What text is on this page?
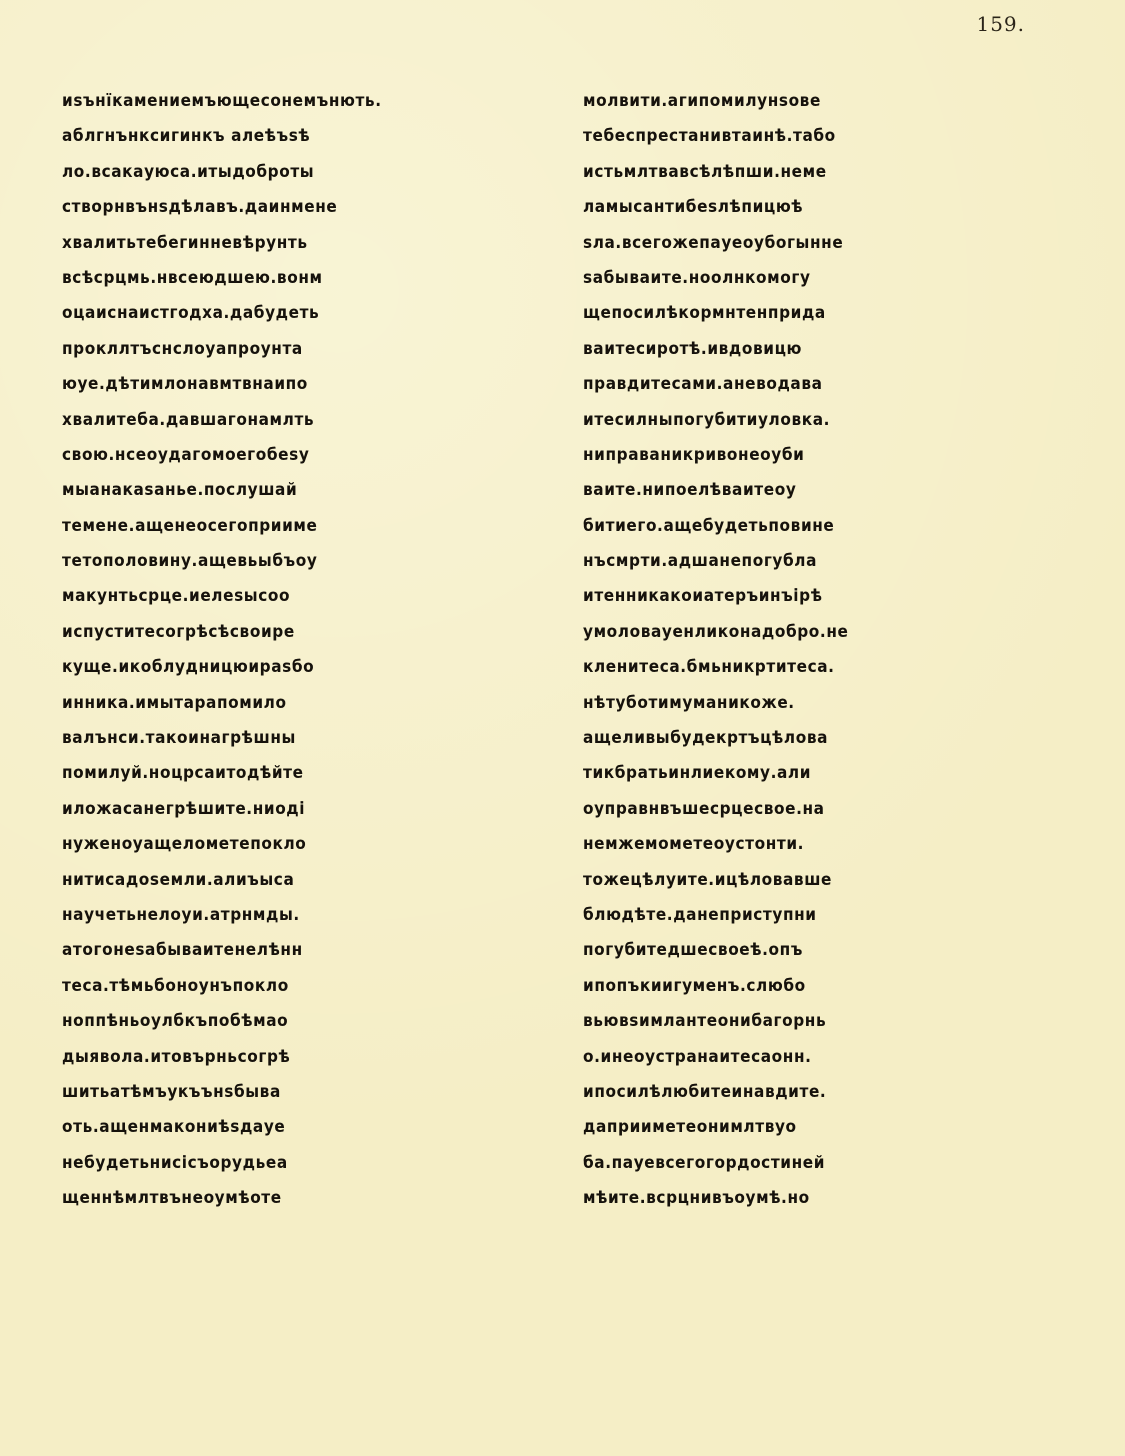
159.
иѕънїкамениемъющесонемънють.
аблгнънксигинкъ алеѣъѕѣ
ло.всакауюса.итыдоброты
створнвънѕдѣлавъ.даинмене
хвалитьтебегинневѣрунть
всѣсрцмь.нвсеюдшею.вонм
оцаиснаистгодха.дабудеть
прокллтъснслоуапроунта
юуе.дѣтимлонавмтвнаипо
хвалитеба.давшагонамлть
свою.нсеоудагомоегобеѕу
мыанакаѕанье.послушай
темене.ащенеосегоприиме
тетополовину.ащевьыбъоу
макунтьсрце.иелеѕысоо
испуститесогрѣсѣсвоире
куще.икоблудницюираѕбо
инника.имытарапомило
валънси.такоинагрѣшны
помилуй.ноцрсаитодѣйте
иложасанегрѣшите.ниоді
нуженоуащелометепокло
нитисадоѕемли.алиъыса
научетьнелоуи.атрнмды.
атогонеѕабываитенелѣнн
теса.тѣмьбоноунъпокло
ноппѣньоулбкъпобѣмао
дыявола.итовърньсогрѣ
шитьатѣмъукъънѕбыва
оть.ащенмакониѣѕдауе
небудетьнисісъорудьеа
щеннѣмлтвънеоумѣоте
молвити.агипомилунѕове
тебеспрестанивтаинѣ.табо
истьмлтвавсѣлѣпши.неме
ламысантибеѕлѣпицюѣ
ѕла.всегожепауеоубогынне
ѕабываите.ноолнкомогу
щепосилѣкормнтенприда
ваитесиротѣ.ивдовицю
правдитесами.аневодава
итесилныпогубитиуловка.
ниправаникривонеоуби
ваите.нипоелѣваитеоу
битиего.ащебудетьповине
нъсмрти.адшанепогубла
итенникакоиатеръинъірѣ
умоловауенликонадобро.не
кленитеса.бмьникртитеса.
нѣтуботимуманикоже.
ащеливыбудекртъцѣлова
тикбратьинлиекому.али
оуправнвъшесрцесвое.на
немжемометеоустонти.
тожецѣлуите.ицѣловавше
блюдѣте.данеприступни
погубитедшесвоеѣ.опъ
ипопъкиигуменъ.слюбо
вьювѕимлантеонибагорнь
о.инеоустранаитесаонн.
ипосилѣлюбитеинавдите.
даприиметеонимлтвуо
ба.пауевсегогордостиней
мѣите.всрцнивъоумѣ.но
